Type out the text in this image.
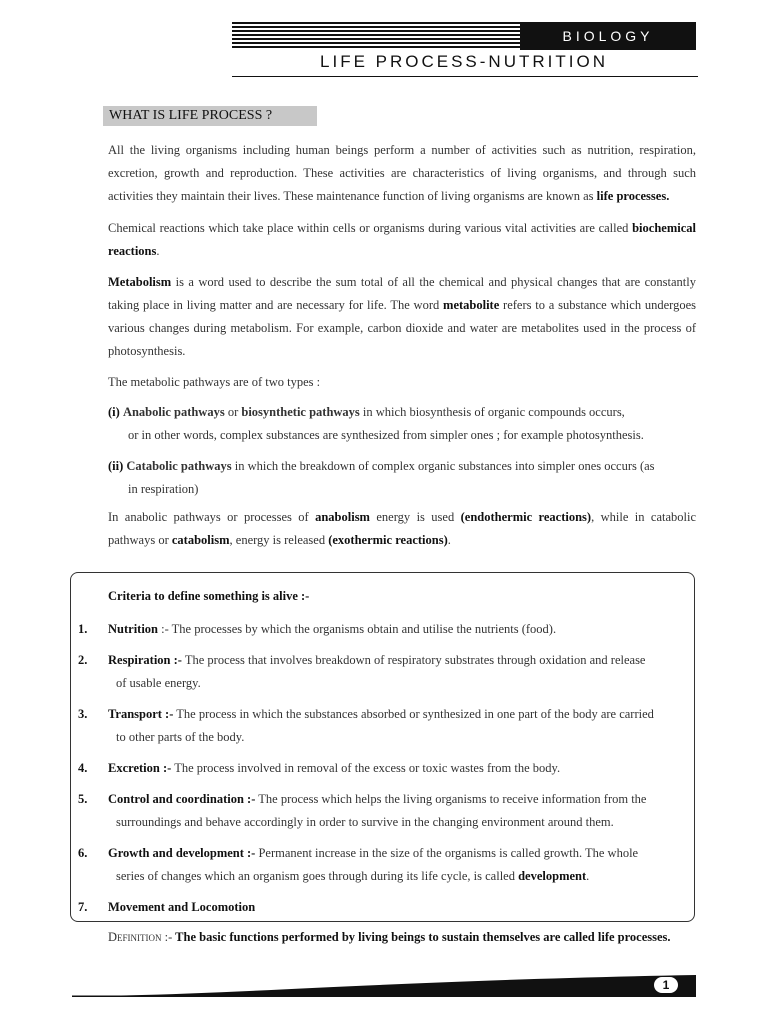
BIOLOGY
LIFE PROCESS-NUTRITION
WHAT IS LIFE PROCESS ?
All the living organisms including human beings perform a number of activities such as nutrition, respiration, excretion, growth and reproduction. These activities are characteristics of living organisms, and through such activities they maintain their lives. These maintenance function of living organisms are known as life processes.
Chemical reactions which take place within cells or organisms during various vital activities are called biochemical reactions.
Metabolism is a word used to describe the sum total of all the chemical and physical changes that are constantly taking place in living matter and are necessary for life. The word metabolite refers to a substance which undergoes various changes during metabolism. For example, carbon dioxide and water are metabolites used in the process of photosynthesis.
The metabolic pathways are of two types :
(i) Anabolic pathways or biosynthetic pathways in which biosynthesis of organic compounds occurs,
or in other words, complex substances are synthesized from simpler ones ; for example photosynthesis.
(ii) Catabolic pathways in which the breakdown of complex organic substances into simpler ones occurs (as
in respiration)
In anabolic pathways or processes of anabolism energy is used (endothermic reactions), while in catabolic pathways or catabolism, energy is released (exothermic reactions).
Criteria to define something is alive :-
1. Nutrition :- The processes by which the organisms obtain and utilise the nutrients (food).
2. Respiration :- The process that involves breakdown of respiratory substrates through oxidation and release
of usable energy.
3. Transport :- The process in which the substances absorbed or synthesized in one part of the body are carried
to other parts of the body.
4. Excretion :- The process involved in removal of the excess or toxic wastes from the body.
5. Control and coordination :- The process which helps the living organisms to receive information from the
surroundings and behave accordingly in order to survive in the changing environment around them.
6. Growth and development :- Permanent increase in the size of the organisms is called growth. The whole
series of changes which an organism goes through during its life cycle, is called development.
7. Movement and Locomotion
Definition :- The basic functions performed by living beings to sustain themselves are called life processes.
1
